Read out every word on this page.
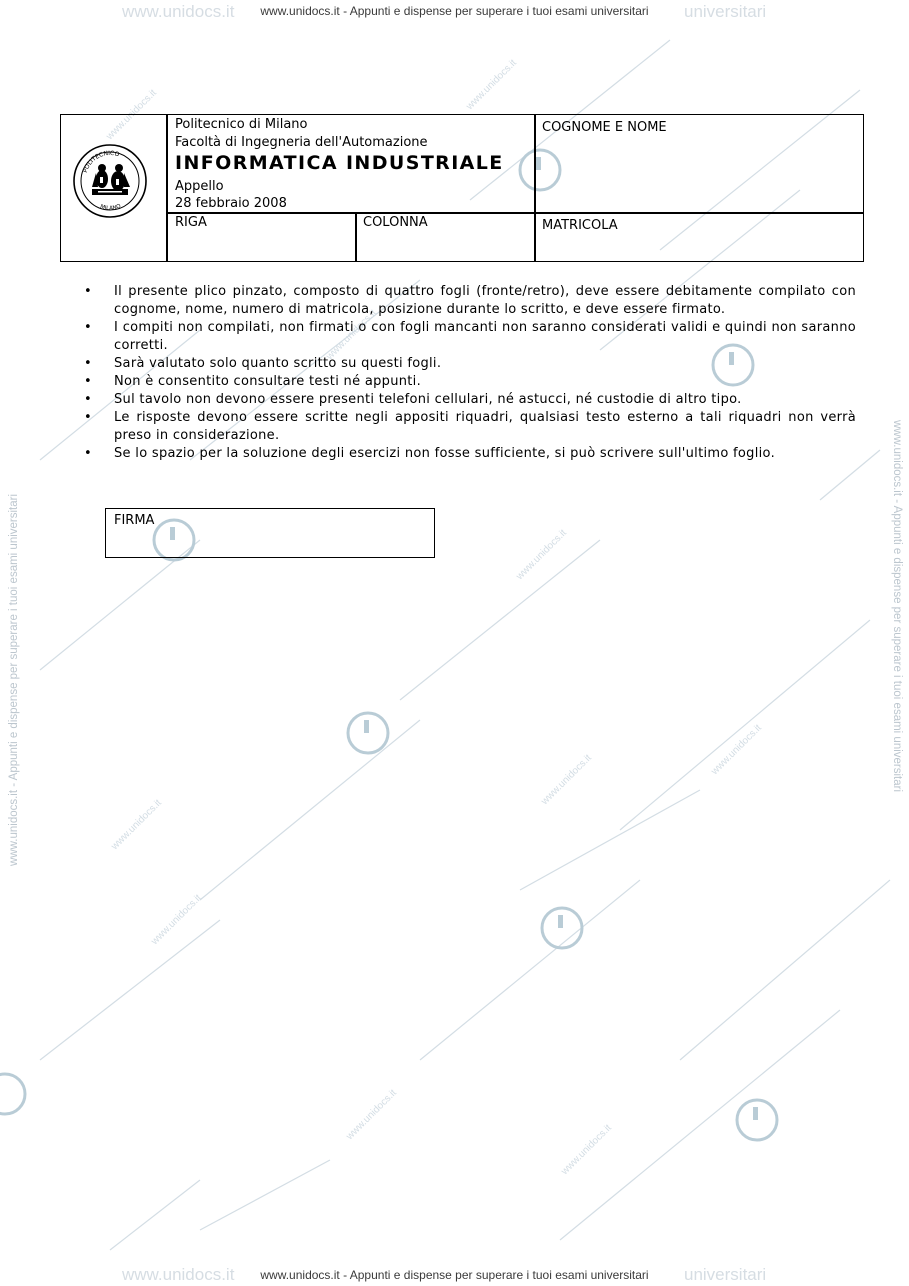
www.unidocs.it	universitari
www.unidocs.it - Appunti e dispense per superare i tuoi esami universitari
www.unidocs.it	universitari
www.unidocs.it - Appunti e dispense per superare i tuoi esami universitari
www.unidocs.it - Appunti e dispense per superare i tuoi esami universitari	www.unidocs.it - Appunti e dispense per superare i tuoi esami universitari
www.unidocs.it
www.unidocs.it
www.unidocs.it
www.unidocs.it
www.unidocs.it
www.unidocs.it
www.unidocs.it
www.unidocs.it
www.unidocs.it
www.unidocs.it
POLITECNICO
MILANO
Politecnico di Milano
Facoltà di Ingegneria dell'Automazione
INFORMATICA INDUSTRIALE
Appello
28 febbraio 2008
COGNOME E NOME
RIGA	COLONNA	MATRICOLA
• Il presente plico pinzato, composto di quattro fogli (fronte/retro), deve essere debitamente compilato con cognome, nome, numero di matricola, posizione durante lo scritto, e deve essere firmato.
• I compiti non compilati, non firmati o con fogli mancanti non saranno considerati validi e quindi non saranno corretti.
• Sarà valutato solo quanto scritto su questi fogli.
• Non è consentito consultare testi né appunti.
• Sul tavolo non devono essere presenti telefoni cellulari, né astucci, né custodie di altro tipo.
• Le risposte devono essere scritte negli appositi riquadri, qualsiasi testo esterno a tali riquadri non verrà preso in considerazione.
• Se lo spazio per la soluzione degli esercizi non fosse sufficiente, si può scrivere sull'ultimo foglio.
FIRMA
